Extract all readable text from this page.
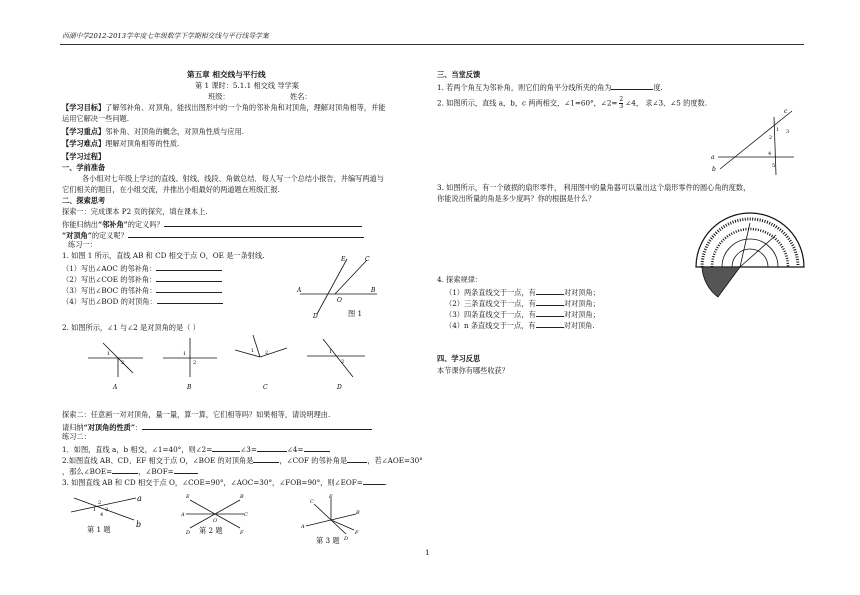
西湖中学2012-2013学年度七年级数学下学期相交线与平行线导学案
第五章 相交线与平行线
第 1 课时：5.1.1 相交线 导学案
班级：	姓名：
【学习目标】了解邻补角、对顶角，能找出图形中的一个角的邻补角和对顶角，理解对顶角相等，并能
运用它解决一些问题.
【学习重点】邻补角、对顶角的概念，对顶角性质与应用.
【学习难点】理解对顶角相等的性质.
【学习过程】
一、学前准备
各小组对七年级上学过的直线、射线、线段、角做总结．每人写一个总结小报告，并编写两道与
它们相关的题目，在小组交流，并推出小组最好的两道题在班级汇报.
二、探索思考
探索一：完成课本 P2 页的探究，填在课本上.
你能归纳出“邻补角”的定义吗？
“对顶角”的定义呢？
练习一：
1. 如图 1 所示，直线 AB 和 CD 相交于点 O，OE 是一条射线.
（1）写出∠AOC 的邻补角：
（2）写出∠COE 的邻补角：
（3）写出∠BOC 的邻补角：
（4）写出∠BOD 的对顶角：
A	B
E	C
O
D	图 1
2. 如图所示，∠1 与∠2 是对顶角的是（ ）
1
2
1
2
1 2	1
2
A	B	C	D
探索二：任意画一对对顶角，量一量，算一算，它们相等吗？如果相等，请说明理由.
请归纳“对顶角的性质”：
练习二：
1．如图，直线 a，b 相交，∠1=40°，则∠2=	∠3=	∠4=
2.如图直线 AB、CD、EF 相交于点 O，∠BOE 的对顶角是	，∠COF 的邻补角是	，若∠AOE=30°
，那么∠BOE=	，∠BOF=
3. 如图直线 AB 和 CD 相交于点 O，∠COE=90°，∠AOC=30°，∠FOB=90°，则∠EOF=	.
a
b
2
1 3
4
第 1 题
E	B
A	C
D	F
O
第 2 题	A
B
C
D
E
F
第 3 题
1
三、当堂反馈
1. 若两个角互为邻补角，则它们的角平分线所夹的角为	度.
2. 如图所示，直线 a，b，c 两两相交，∠1=60°，∠2= $\frac{2}{3}$ ∠4， 求∠3、∠5 的度数.
a
b
c
1 3
2
4
5
3. 如图所示，有一个破损的扇形零件， 利用图中的量角器可以量出这个扇形零件的圆心角的度数，
你能说出所量的角是多少度吗？你的根据是什么？
4. 探索规律：
（1）两条直线交于一点，有	对对顶角；
（2）三条直线交于一点，有	对对顶角；
（3）四条直线交于一点，有	对对顶角；
（4）n 条直线交于一点，有	对对顶角.
四、学习反思
本节课你有哪些收获？
